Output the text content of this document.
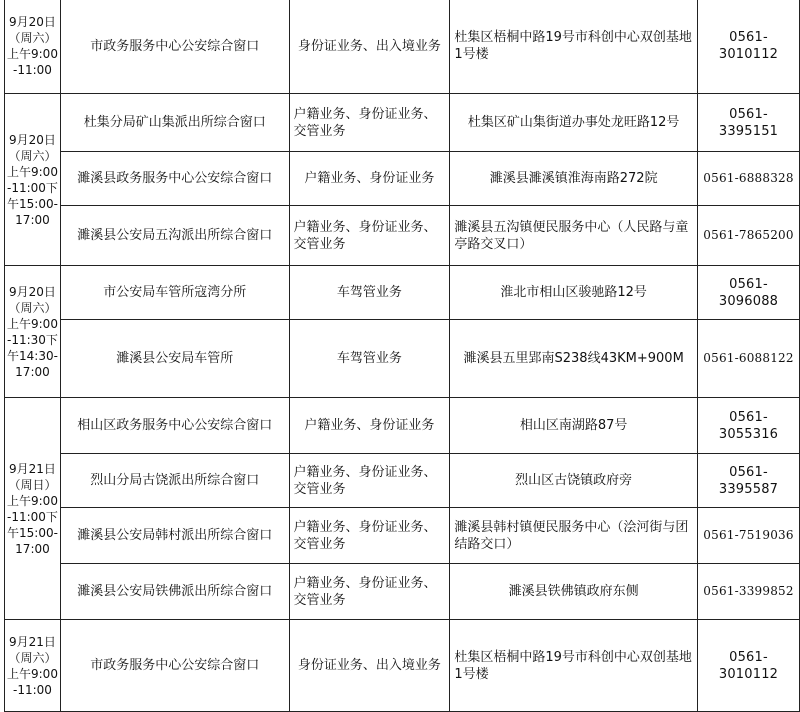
9月20日（周六）上午9:00-11:00	市政务服务中心公安综合窗口	身份证业务、出入境业务	杜集区梧桐中路19号市科创中心双创基地1号楼	0561-3010112
9月20日（周六）上午9:00-11:00下午15:00-17:00	杜集分局矿山集派出所综合窗口	户籍业务、身份证业务、交管业务	杜集区矿山集街道办事处龙旺路12号	0561-3395151
	濉溪县政务服务中心公安综合窗口	户籍业务、身份证业务	濉溪县濉溪镇淮海南路272院	0561-6888328
	濉溪县公安局五沟派出所综合窗口	户籍业务、身份证业务、交管业务	濉溪县五沟镇便民服务中心（人民路与童亭路交叉口）	0561-7865200
9月20日（周六）上午9:00-11:30下午14:30-17:00	市公安局车管所寇湾分所	车驾管业务	淮北市相山区骏驰路12号	0561-3096088
	濉溪县公安局车管所	车驾管业务	濉溪县五里郢南S238线43KM+900M	0561-6088122
9月21日（周日）上午9:00-11:00下午15:00-17:00	相山区政务服务中心公安综合窗口	户籍业务、身份证业务	相山区南湖路87号	0561-3055316
	烈山分局古饶派出所综合窗口	户籍业务、身份证业务、交管业务	烈山区古饶镇政府旁	0561-3395587
	濉溪县公安局韩村派出所综合窗口	户籍业务、身份证业务、交管业务	濉溪县韩村镇便民服务中心（浍河街与团结路交口）	0561-7519036
	濉溪县公安局铁佛派出所综合窗口	户籍业务、身份证业务、交管业务	濉溪县铁佛镇政府东侧	0561-3399852
9月21日（周六）上午9:00-11:00	市政务服务中心公安综合窗口	身份证业务、出入境业务	杜集区梧桐中路19号市科创中心双创基地1号楼	0561-3010112
